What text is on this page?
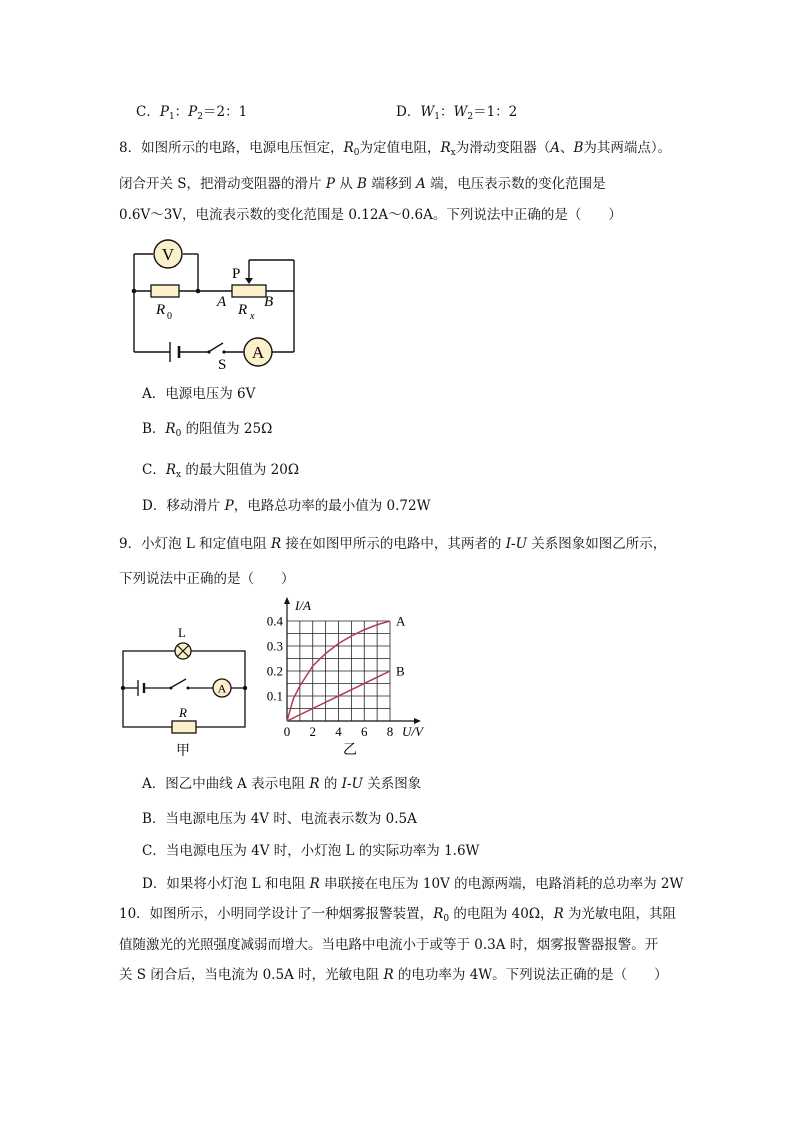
C．$P_1$：$P_2=2$：1	D．$W_1$：$W_2=1$：2
8．如图所示的电路，电源电压恒定，$R_0$为定值电阻，$R_x$为滑动变阻器（A、B为其两端点）。
闭合开关 S，把滑动变阻器的滑片 P 从 B 端移到 A 端，电压表示数的变化范围是
0.6V～3V，电流表示数的变化范围是 0.12A～0.6A。下列说法中正确的是（　　）
V
R 0
P
A	B
R x
S
A
A．电源电压为 6V
B．$R_0$ 的阻值为 25Ω
C．$R_x$ 的最大阻值为 20Ω
D．移动滑片 P，电路总功率的最小值为 0.72W
9．小灯泡 L 和定值电阻 R 接在如图甲所示的电路中，其两者的 I-U 关系图象如图乙所示，
下列说法中正确的是（　　）
L
A
R
甲
0 2 4 6 8
0.1
0.2
0.3
0.4	A
B
I/A
U/V
乙
A．图乙中曲线 A 表示电阻 R 的 I-U 关系图象
B．当电源电压为 4V 时、电流表示数为 0.5A
C．当电源电压为 4V 时，小灯泡 L 的实际功率为 1.6W
D．如果将小灯泡 L 和电阻 R 串联接在电压为 10V 的电源两端，电路消耗的总功率为 2W
10．如图所示，小明同学设计了一种烟雾报警装置，$R_0$ 的电阻为 40Ω，R 为光敏电阻，其阻
值随激光的光照强度减弱而增大。当电路中电流小于或等于 0.3A 时，烟雾报警器报警。开
关 S 闭合后，当电流为 0.5A 时，光敏电阻 R 的电功率为 4W。下列说法正确的是（　　）
